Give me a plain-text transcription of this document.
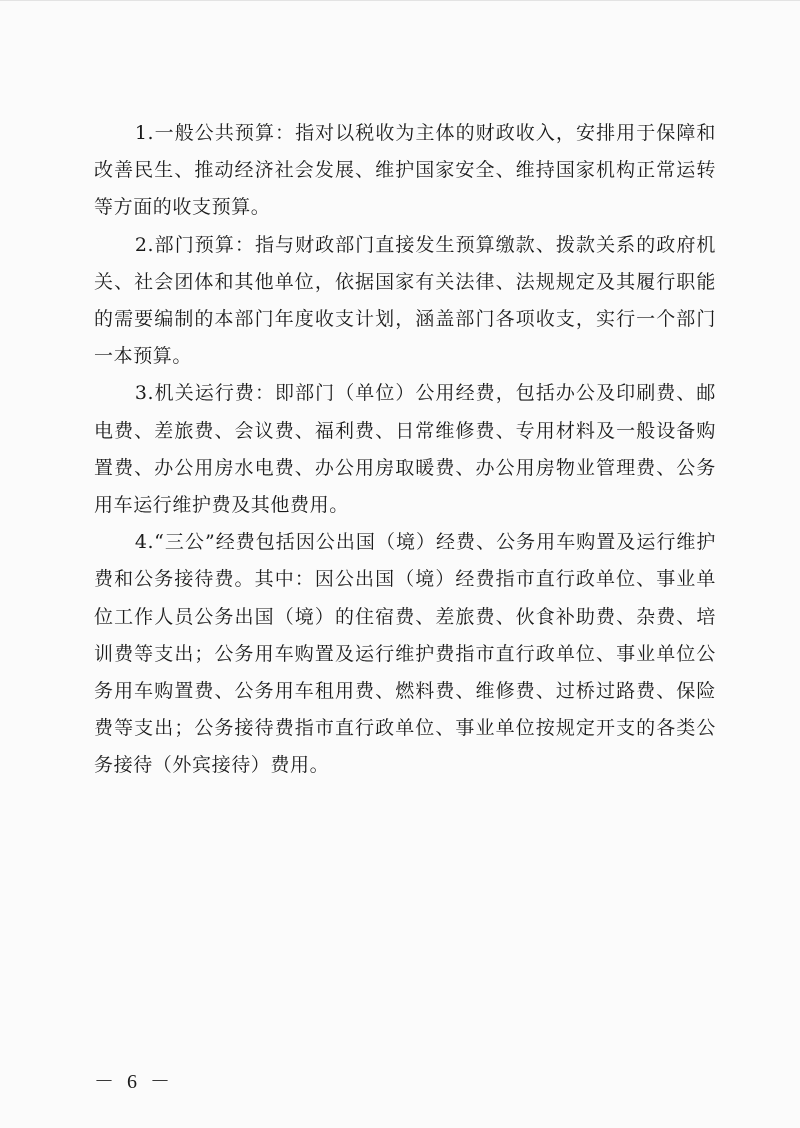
1.一般公共预算：指对以税收为主体的财政收入，安排用于保障和改善民生、推动经济社会发展、维护国家安全、维持国家机构正常运转等方面的收支预算。

2.部门预算：指与财政部门直接发生预算缴款、拨款关系的政府机关、社会团体和其他单位，依据国家有关法律、法规规定及其履行职能的需要编制的本部门年度收支计划，涵盖部门各项收支，实行一个部门一本预算。

3.机关运行费：即部门（单位）公用经费，包括办公及印刷费、邮电费、差旅费、会议费、福利费、日常维修费、专用材料及一般设备购置费、办公用房水电费、办公用房取暖费、办公用房物业管理费、公务用车运行维护费及其他费用。

4.“三公”经费包括因公出国（境）经费、公务用车购置及运行维护费和公务接待费。其中：因公出国（境）经费指市直行政单位、事业单位工作人员公务出国（境）的住宿费、差旅费、伙食补助费、杂费、培训费等支出；公务用车购置及运行维护费指市直行政单位、事业单位公务用车购置费、公务用车租用费、燃料费、维修费、过桥过路费、保险费等支出；公务接待费指市直行政单位、事业单位按规定开支的各类公务接待（外宾接待）费用。

－ 6 －
